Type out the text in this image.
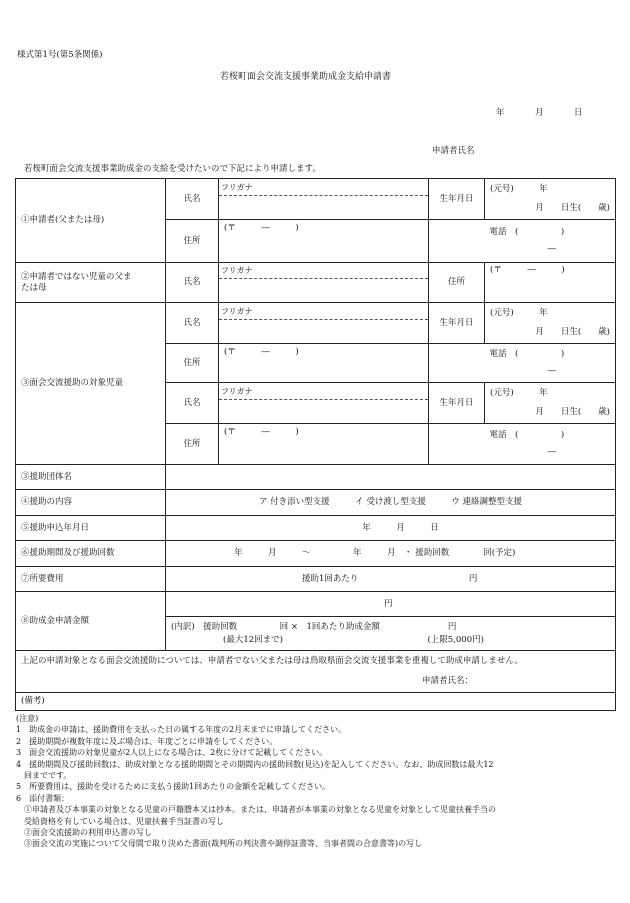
様式第1号(第5条関係)
若桜町面会交流支援事業助成金支給申請書
年	月	日
申請者氏名
若桜町面会交流支援事業助成金の支給を受けたいので下記により申請します。
①申請者(父または母)	氏名	フリガナ	生年月日	(元号)　　　年
月　　日生(　　歳)

	住所	(〒　　　―　　　)		電話　(　　　　　)
―

②申請者ではない児童の父ま
たは母	氏名	フリガナ	住所	(〒　　　―　　　)
③面会交流援助の対象児童	氏名	フリガナ	生年月日	(元号)　　　年
月　　日生(　　歳)

	住所	(〒　　　―　　　)		電話　(　　　　　)
―

	氏名	フリガナ	生年月日	(元号)　　　年
月　　日生(　　歳)

	住所	(〒　　　―　　　)		電話　(　　　　　)
―

③援助団体名				
④援助の内容	ア 付き添い型支援　　　イ 受け渡し型支援　　　ウ 連絡調整型支援			
⑤援助申込年月日	年　　　月　　　日			
⑥援助期間及び援助回数	年　　　月　　　～　　　　　年　　　月　・ 援助回数　　　　回(予定)			
⑦所要費用	援助1回あたり　　　　　　　　　　　　　円			
⑧助成金申請金額	円			

	(内訳)　援助回数　　　　　回 ×　1回あたり助成金額　　　　　　　　円
(最大12回まで)　　　　　　　　　　　　　　　　　(上限5,000円)			

上記の申請対象となる面会交流援助については、申請者でない父または母は鳥取県面会交流支援事業を重複して助成申請しません。
申請者氏名：				

(備考)				
(注意)
1　助成金の申請は、援助費用を支払った日の属する年度の2月末までに申請してください。
2　援助期間が複数年度に及ぶ場合は、年度ごとに申請をしてください。
3　面会交流援助の対象児童が2人以上になる場合は、2枚に分けて記載してください。
4　援助期間及び援助回数は、助成対象となる援助期間とその期間内の援助回数(見込)を記入してください。なお、助成回数は最大12
　回までです。
5　所要費用は、援助を受けるために支払う援助1回あたりの金額を記載してください。
6　添付書類：
　①申請者及び本事業の対象となる児童の戸籍謄本又は抄本。または、申請者が本事業の対象となる児童を対象として児童扶養手当の
　受給資格を有している場合は、児童扶養手当証書の写し
　②面会交流援助の利用申込書の写し
　③面会交流の実施について父母間で取り決めた書面(裁判所の判決書や調停証書等、当事者間の合意書等)の写し
